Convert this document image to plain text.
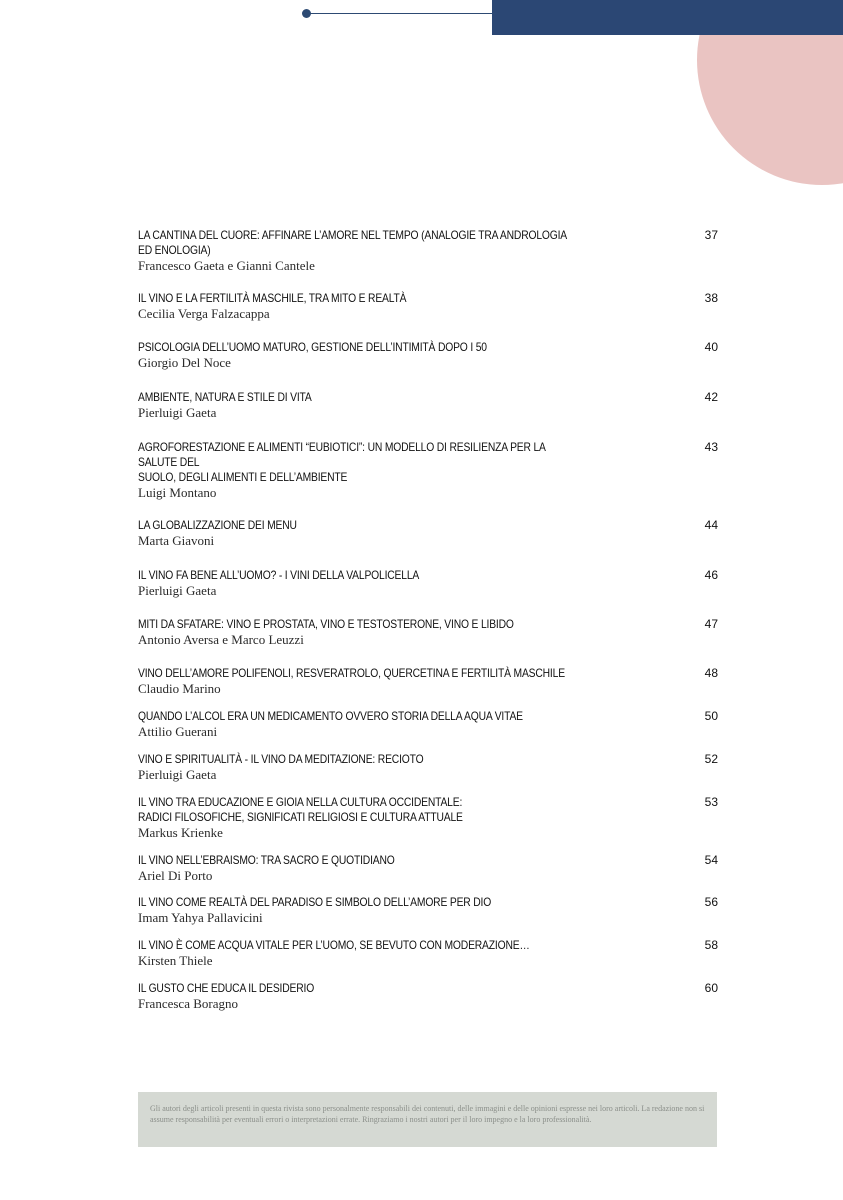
LA CANTINA DEL CUORE: AFFINARE L’AMORE NEL TEMPO (ANALOGIE TRA ANDROLOGIA ED ENOLOGIA)
Francesco Gaeta e Gianni Cantele
37
IL VINO E LA FERTILITÀ MASCHILE, TRA MITO E REALTÀ
Cecilia Verga Falzacappa
38
PSICOLOGIA DELL’UOMO MATURO, GESTIONE DELL’INTIMITÀ DOPO I 50
Giorgio Del Noce
40
AMBIENTE, NATURA E STILE DI VITA
Pierluigi Gaeta
42
AGROFORESTAZIONE E ALIMENTI “EUBIOTICI”: UN MODELLO DI RESILIENZA PER LA SALUTE DEL
SUOLO, DEGLI ALIMENTI E DELL’AMBIENTE
Luigi Montano
43
LA GLOBALIZZAZIONE DEI MENU
Marta Giavoni
44
IL VINO FA BENE ALL’UOMO? - I VINI DELLA VALPOLICELLA
Pierluigi Gaeta
46
MITI DA SFATARE: VINO E PROSTATA, VINO E TESTOSTERONE, VINO E LIBIDO
Antonio Aversa e Marco Leuzzi
47
VINO DELL’AMORE POLIFENOLI, RESVERATROLO, QUERCETINA E FERTILITÀ MASCHILE
Claudio Marino
48
QUANDO L’ALCOL ERA UN MEDICAMENTO OVVERO STORIA DELLA AQUA VITAE
Attilio Guerani
50
VINO E SPIRITUALITÀ - IL VINO DA MEDITAZIONE: RECIOTO
Pierluigi Gaeta
52
IL VINO TRA EDUCAZIONE E GIOIA NELLA CULTURA OCCIDENTALE:
RADICI FILOSOFICHE, SIGNIFICATI RELIGIOSI E CULTURA ATTUALE
Markus Krienke
53
IL VINO NELL’EBRAISMO: TRA SACRO E QUOTIDIANO
Ariel Di Porto
54
IL VINO COME REALTÀ DEL PARADISO E SIMBOLO DELL’AMORE PER DIO
Imam Yahya Pallavicini
56
IL VINO È COME ACQUA VITALE PER L’UOMO, SE BEVUTO CON MODERAZIONE…
Kirsten Thiele
58
IL GUSTO CHE EDUCA IL DESIDERIO
Francesca Boragno
60

Gli autori degli articoli presenti in questa rivista sono personalmente responsabili dei contenuti, delle immagini e delle opinioni espresse nei loro articoli. La redazione non si assume responsabilità per eventuali errori o interpretazioni errate. Ringraziamo i nostri autori per il loro impegno e la loro professionalità.
